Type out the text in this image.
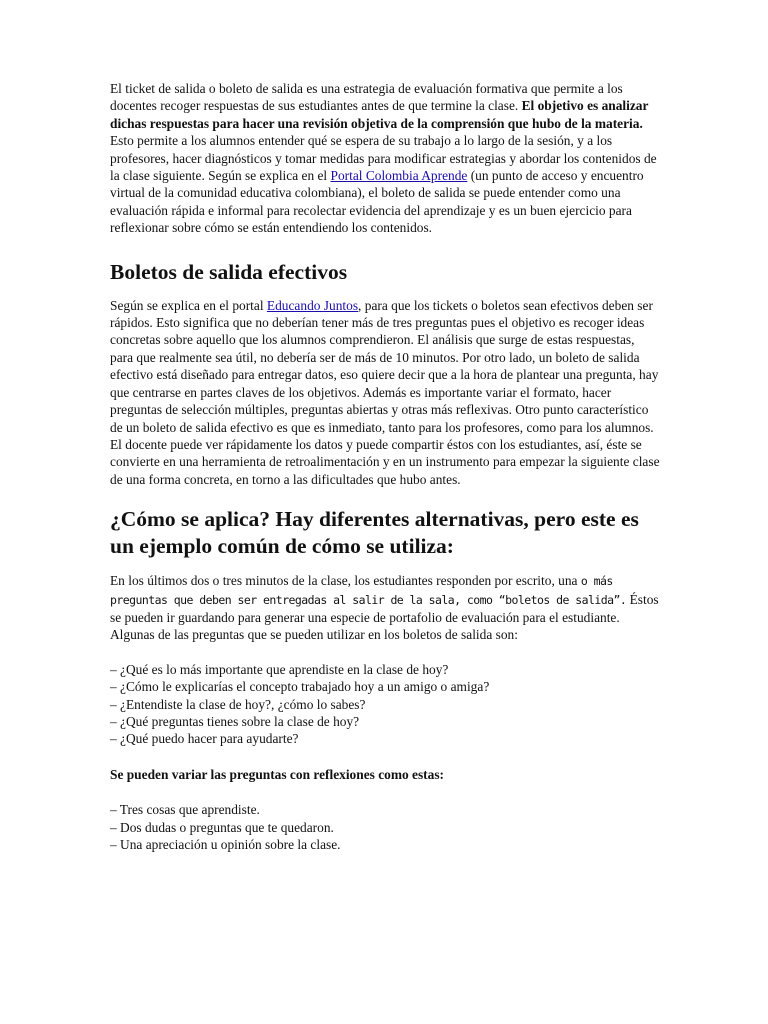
El ticket de salida o boleto de salida es una estrategia de evaluación formativa que permite a los docentes recoger respuestas de sus estudiantes antes de que termine la clase. El objetivo es analizar dichas respuestas para hacer una revisión objetiva de la comprensión que hubo de la materia. Esto permite a los alumnos entender qué se espera de su trabajo a lo largo de la sesión, y a los profesores, hacer diagnósticos y tomar medidas para modificar estrategias y abordar los contenidos de la clase siguiente. Según se explica en el Portal Colombia Aprende (un punto de acceso y encuentro virtual de la comunidad educativa colombiana), el boleto de salida se puede entender como una evaluación rápida e informal para recolectar evidencia del aprendizaje y es un buen ejercicio para reflexionar sobre cómo se están entendiendo los contenidos.

Boletos de salida efectivos

Según se explica en el portal Educando Juntos, para que los tickets o boletos sean efectivos deben ser rápidos. Esto significa que no deberían tener más de tres preguntas pues el objetivo es recoger ideas concretas sobre aquello que los alumnos comprendieron. El análisis que surge de estas respuestas, para que realmente sea útil, no debería ser de más de 10 minutos. Por otro lado, un boleto de salida efectivo está diseñado para entregar datos, eso quiere decir que a la hora de plantear una pregunta, hay que centrarse en partes claves de los objetivos. Además es importante variar el formato, hacer preguntas de selección múltiples, preguntas abiertas y otras más reflexivas. Otro punto característico de un boleto de salida efectivo es que es inmediato, tanto para los profesores, como para los alumnos. El docente puede ver rápidamente los datos y puede compartir éstos con los estudiantes, así, éste se convierte en una herramienta de retroalimentación y en un instrumento para empezar la siguiente clase de una forma concreta, en torno a las dificultades que hubo antes.

¿Cómo se aplica? Hay diferentes alternativas, pero este es un ejemplo común de cómo se utiliza:

En los últimos dos o tres minutos de la clase, los estudiantes responden por escrito, una o más preguntas que deben ser entregadas al salir de la sala, como “boletos de salida”. Éstos se pueden ir guardando para generar una especie de portafolio de evaluación para el estudiante. Algunas de las preguntas que se pueden utilizar en los boletos de salida son:

– ¿Qué es lo más importante que aprendiste en la clase de hoy?
– ¿Cómo le explicarías el concepto trabajado hoy a un amigo o amiga?
– ¿Entendiste la clase de hoy?, ¿cómo lo sabes?
– ¿Qué preguntas tienes sobre la clase de hoy?
– ¿Qué puedo hacer para ayudarte?

Se pueden variar las preguntas con reflexiones como estas:

– Tres cosas que aprendiste.
– Dos dudas o preguntas que te quedaron.
– Una apreciación u opinión sobre la clase.
